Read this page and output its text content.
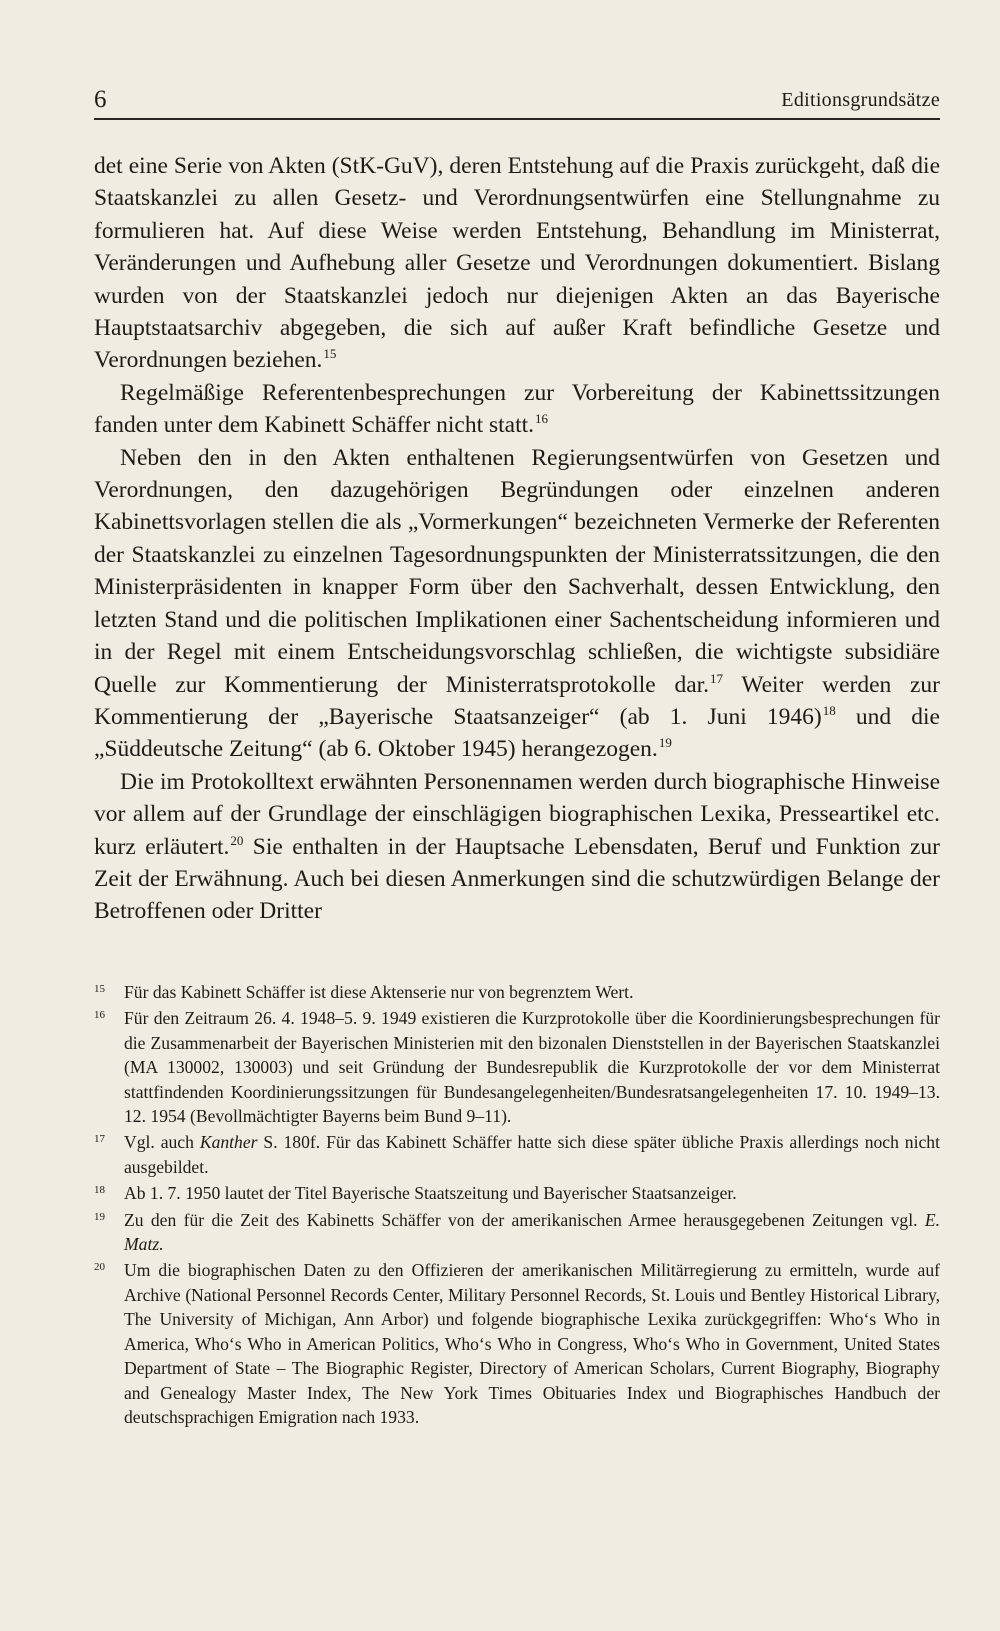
6	Editionsgrundsätze

det eine Serie von Akten (StK-GuV), deren Entstehung auf die Praxis zurückgeht, daß die Staatskanzlei zu allen Gesetz- und Verordnungsentwürfen eine Stellungnahme zu formulieren hat. Auf diese Weise werden Entstehung, Behandlung im Ministerrat, Veränderungen und Aufhebung aller Gesetze und Verordnungen dokumentiert. Bislang wurden von der Staatskanzlei jedoch nur diejenigen Akten an das Bayerische Hauptstaatsarchiv abgegeben, die sich auf außer Kraft befindliche Gesetze und Verordnungen beziehen.$^{15}$

Regelmäßige Referentenbesprechungen zur Vorbereitung der Kabinettssitzungen fanden unter dem Kabinett Schäffer nicht statt.$^{16}$

Neben den in den Akten enthaltenen Regierungsentwürfen von Gesetzen und Verordnungen, den dazugehörigen Begründungen oder einzelnen anderen Kabinettsvorlagen stellen die als „Vormerkungen“ bezeichneten Vermerke der Referenten der Staatskanzlei zu einzelnen Tagesordnungspunkten der Ministerratssitzungen, die den Ministerpräsidenten in knapper Form über den Sachverhalt, dessen Entwicklung, den letzten Stand und die politischen Implikationen einer Sachentscheidung informieren und in der Regel mit einem Entscheidungsvorschlag schließen, die wichtigste subsidiäre Quelle zur Kommentierung der Ministerratsprotokolle dar.$^{17}$ Weiter werden zur Kommentierung der „Bayerische Staatsanzeiger“ (ab 1. Juni 1946)$^{18}$ und die „Süddeutsche Zeitung“ (ab 6. Oktober 1945) herangezogen.$^{19}$

Die im Protokolltext erwähnten Personennamen werden durch biographische Hinweise vor allem auf der Grundlage der einschlägigen biographischen Lexika, Presseartikel etc. kurz erläutert.$^{20}$ Sie enthalten in der Hauptsache Lebensdaten, Beruf und Funktion zur Zeit der Erwähnung. Auch bei diesen Anmerkungen sind die schutzwürdigen Belange der Betroffenen oder Dritter

15 Für das Kabinett Schäffer ist diese Aktenserie nur von begrenztem Wert.
16 Für den Zeitraum 26. 4. 1948–5. 9. 1949 existieren die Kurzprotokolle über die Koordinierungsbesprechungen für die Zusammenarbeit der Bayerischen Ministerien mit den bizonalen Dienststellen in der Bayerischen Staatskanzlei (MA 130002, 130003) und seit Gründung der Bundesrepublik die Kurzprotokolle der vor dem Ministerrat stattfindenden Koordinierungssitzungen für Bundesangelegenheiten/Bundesratsangelegenheiten 17. 10. 1949–13. 12. 1954 (Bevollmächtigter Bayerns beim Bund 9–11).
17 Vgl. auch Kanther S. 180f. Für das Kabinett Schäffer hatte sich diese später übliche Praxis allerdings noch nicht ausgebildet.
18 Ab 1. 7. 1950 lautet der Titel Bayerische Staatszeitung und Bayerischer Staatsanzeiger.
19 Zu den für die Zeit des Kabinetts Schäffer von der amerikanischen Armee herausgegebenen Zeitungen vgl. E. Matz.
20 Um die biographischen Daten zu den Offizieren der amerikanischen Militärregierung zu ermitteln, wurde auf Archive (National Personnel Records Center, Military Personnel Records, St. Louis und Bentley Historical Library, The University of Michigan, Ann Arbor) und folgende biographische Lexika zurückgegriffen: Who‘s Who in America, Who‘s Who in American Politics, Who‘s Who in Congress, Who‘s Who in Government, United States Department of State – The Biographic Register, Directory of American Scholars, Current Biography, Biography and Genealogy Master Index, The New York Times Obituaries Index und Biographisches Handbuch der deutschsprachigen Emigration nach 1933.
